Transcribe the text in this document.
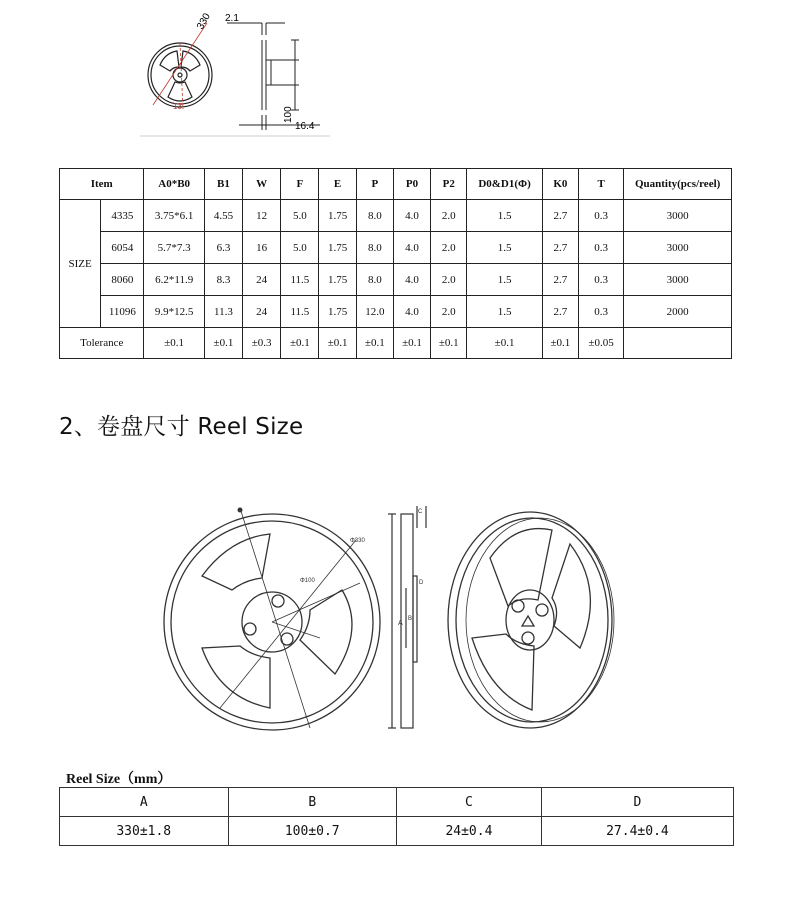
330
13
2.1
100
16.4
Item		A0*B0	B1	W	F	E	P	P0	P2	D0&D1(Φ)	K0	T	Quantity(pcs/reel)
SIZE	4335	3.75*6.1	4.55	12	5.0	1.75	8.0	4.0	2.0	1.5	2.7	0.3	3000
	6054	5.7*7.3	6.3	16	5.0	1.75	8.0	4.0	2.0	1.5	2.7	0.3	3000
	8060	6.2*11.9	8.3	24	11.5	1.75	8.0	4.0	2.0	1.5	2.7	0.3	3000
	11096	9.9*12.5	11.3	24	11.5	1.75	12.0	4.0	2.0	1.5	2.7	0.3	2000
Tolerance		±0.1	±0.1	±0.3	±0.1	±0.1	±0.1	±0.1	±0.1	±0.1	±0.1	±0.05	
2、卷盘尺寸 Reel Size
Φ330
Φ100
A
B
C
D
Reel Size（mm）
A	B	C	D
330±1.8	100±0.7	24±0.4	27.4±0.4
